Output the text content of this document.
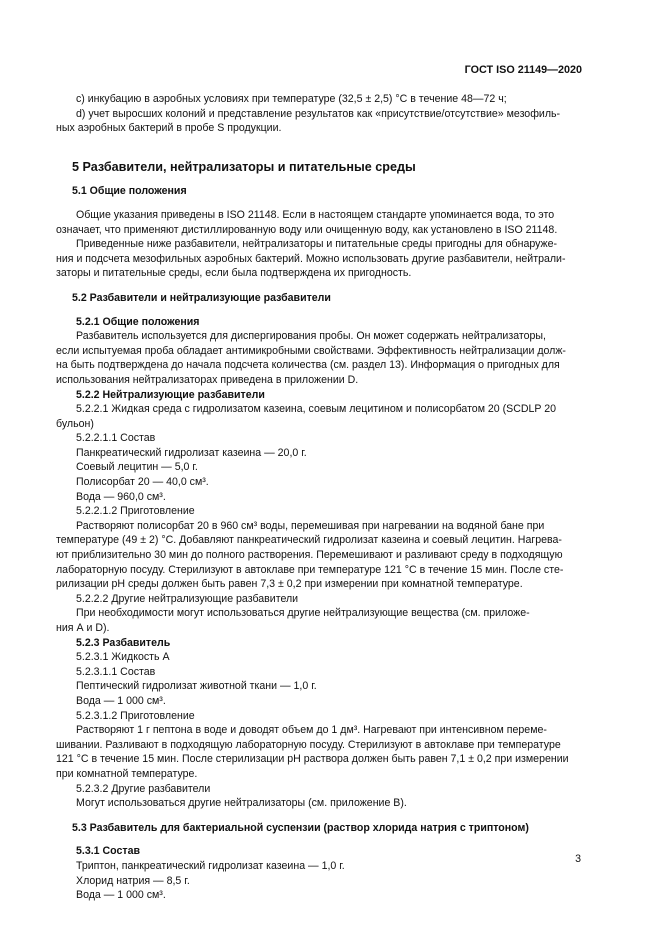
ГОСТ ISO 21149—2020

c) инкубацию в аэробных условиях при температуре (32,5 ± 2,5) °С в течение 48—72 ч;

d) учет выросших колоний и представление результатов как «присутствие/отсутствие» мезофиль-

ных аэробных бактерий в пробе S продукции.

5 Разбавители, нейтрализаторы и питательные среды

5.1 Общие положения

Общие указания приведены в ISO 21148. Если в настоящем стандарте упоминается вода, то это

означает, что применяют дистиллированную воду или очищенную воду, как установлено в ISO 21148.

Приведенные ниже разбавители, нейтрализаторы и питательные среды пригодны для обнаруже-

ния и подсчета мезофильных аэробных бактерий. Можно использовать другие разбавители, нейтрали-

заторы и питательные среды, если была подтверждена их пригодность.

5.2 Разбавители и нейтрализующие разбавители

5.2.1 Общие положения

Разбавитель используется для диспергирования пробы. Он может содержать нейтрализаторы,

если испытуемая проба обладает антимикробными свойствами. Эффективность нейтрализации долж-

на быть подтверждена до начала подсчета количества (см. раздел 13). Информация о пригодных для

использования нейтрализаторах приведена в приложении D.

5.2.2 Нейтрализующие разбавители

5.2.2.1 Жидкая среда с гидролизатом казеина, соевым лецитином и полисорбатом 20 (SCDLP 20

бульон)

5.2.2.1.1 Состав

Панкреатический гидролизат казеина — 20,0 г.

Соевый лецитин — 5,0 г.

Полисорбат 20 — 40,0 см³.

Вода — 960,0 см³.

5.2.2.1.2 Приготовление

Растворяют полисорбат 20 в 960 см³ воды, перемешивая при нагревании на водяной бане при

температуре (49 ± 2) °С. Добавляют панкреатический гидролизат казеина и соевый лецитин. Нагрева-

ют приблизительно 30 мин до полного растворения. Перемешивают и разливают среду в подходящую

лабораторную посуду. Стерилизуют в автоклаве при температуре 121 °С в течение 15 мин. После сте-

рилизации pH среды должен быть равен 7,3 ± 0,2 при измерении при комнатной температуре.

5.2.2.2 Другие нейтрализующие разбавители

При необходимости могут использоваться другие нейтрализующие вещества (см. приложе-

ния А и D).

5.2.3 Разбавитель

5.2.3.1 Жидкость А

5.2.3.1.1 Состав

Пептический гидролизат животной ткани — 1,0 г.

Вода — 1 000 см³.

5.2.3.1.2 Приготовление

Растворяют 1 г пептона в воде и доводят объем до 1 дм³. Нагревают при интенсивном переме-

шивании. Разливают в подходящую лабораторную посуду. Стерилизуют в автоклаве при температуре

121 °С в течение 15 мин. После стерилизации pH раствора должен быть равен 7,1 ± 0,2 при измерении

при комнатной температуре.

5.2.3.2 Другие разбавители

Могут использоваться другие нейтрализаторы (см. приложение В).

5.3 Разбавитель для бактериальной суспензии (раствор хлорида натрия с триптоном)

5.3.1 Состав

Триптон, панкреатический гидролизат казеина — 1,0 г.

Хлорид натрия — 8,5 г.

Вода — 1 000 см³.

3
